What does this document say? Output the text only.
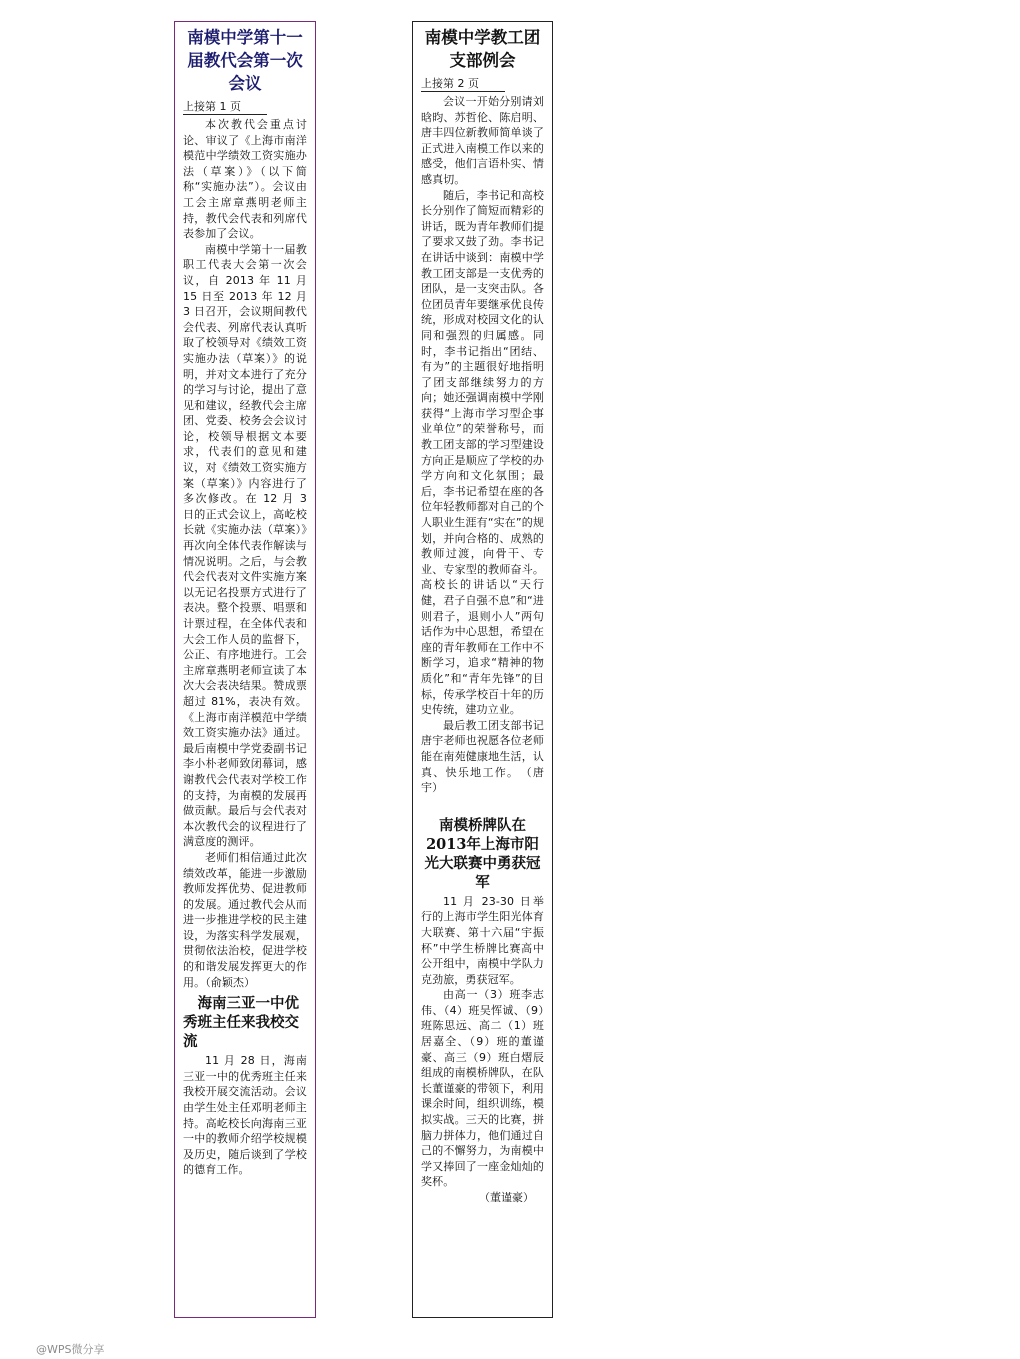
南模中学第十一届教代会第一次会议
上接第 1 页

本次教代会重点讨论、审议了《上海市南洋模范中学绩效工资实施办法（草案）》（以下简称“实施办法”）。会议由工会主席章燕明老师主持，教代会代表和列席代表参加了会议。

南模中学第十一届教职工代表大会第一次会议，自 2013 年 11 月 15 日至 2013 年 12 月 3 日召开，会议期间教代会代表、列席代表认真听取了校领导对《绩效工资实施办法（草案）》的说明，并对文本进行了充分的学习与讨论，提出了意见和建议，经教代会主席团、党委、校务会会议讨论，校领导根据文本要求，代表们的意见和建议，对《绩效工资实施方案（草案）》内容进行了多次修改。在 12 月 3 日的正式会议上，高屹校长就《实施办法（草案）》再次向全体代表作解读与情况说明。之后，与会教代会代表对文件实施方案以无记名投票方式进行了表决。整个投票、唱票和计票过程，在全体代表和大会工作人员的监督下，公正、有序地进行。工会主席章燕明老师宣读了本次大会表决结果。赞成票超过 81%，表决有效。《上海市南洋模范中学绩效工资实施办法》通过。最后南模中学党委副书记李小朴老师致闭幕词，感谢教代会代表对学校工作的支持，为南模的发展再做贡献。最后与会代表对本次教代会的议程进行了满意度的测评。

老师们相信通过此次绩效改革，能进一步激励教师发挥优势、促进教师的发展。通过教代会从而进一步推进学校的民主建设，为落实科学发展观，贯彻依法治校，促进学校的和谐发展发挥更大的作用。（俞颖杰）

海南三亚一中优秀班主任来我校交流

11 月 28 日，海南三亚一中的优秀班主任来我校开展交流活动。会议由学生处主任邓明老师主持。高屹校长向海南三亚一中的教师介绍学校规模及历史，随后谈到了学校的德育工作。

南模中学教工团支部例会
上接第 2 页

会议一开始分别请刘晗昀、苏哲伦、陈启明、唐丰四位新教师简单谈了正式进入南模工作以来的感受，他们言语朴实、情感真切。

随后，李书记和高校长分别作了简短而精彩的讲话，既为青年教师们提了要求又鼓了劲。李书记在讲话中谈到：南模中学教工团支部是一支优秀的团队，是一支突击队。各位团员青年要继承优良传统，形成对校园文化的认同和强烈的归属感。同时，李书记指出“团结、有为”的主题很好地指明了团支部继续努力的方向；她还强调南模中学刚获得“上海市学习型企事业单位”的荣誉称号，而教工团支部的学习型建设方向正是顺应了学校的办学方向和文化氛围；最后，李书记希望在座的各位年轻教师都对自己的个人职业生涯有“实在”的规划，并向合格的、成熟的教师过渡，向骨干、专业、专家型的教师奋斗。高校长的讲话以“天行健，君子自强不息”和“进则君子，退则小人”两句话作为中心思想，希望在座的青年教师在工作中不断学习，追求“精神的物质化”和“青年先锋”的目标，传承学校百十年的历史传统，建功立业。

最后教工团支部书记唐宇老师也祝愿各位老师能在南苑健康地生活，认真、快乐地工作。　（唐宇）

南模桥牌队在2013年上海市阳光大联赛中勇获冠军

11 月 23-30 日举行的上海市学生阳光体育大联赛、第十六届“宇振杯”中学生桥牌比赛高中公开组中，南模中学队力克劲旅，勇获冠军。

由高一（3）班李志伟、（4）班吴恽诚、（9）班陈思远、高二（1）班居嘉全、（9）班的董谨豪、高三（9）班白熠辰组成的南模桥牌队，在队长董谨豪的带领下，利用课余时间，组织训练，模拟实战。三天的比赛，拼脑力拼体力，他们通过自己的不懈努力，为南模中学又捧回了一座金灿灿的奖杯。

（董谨豪）

@WPS微分享
